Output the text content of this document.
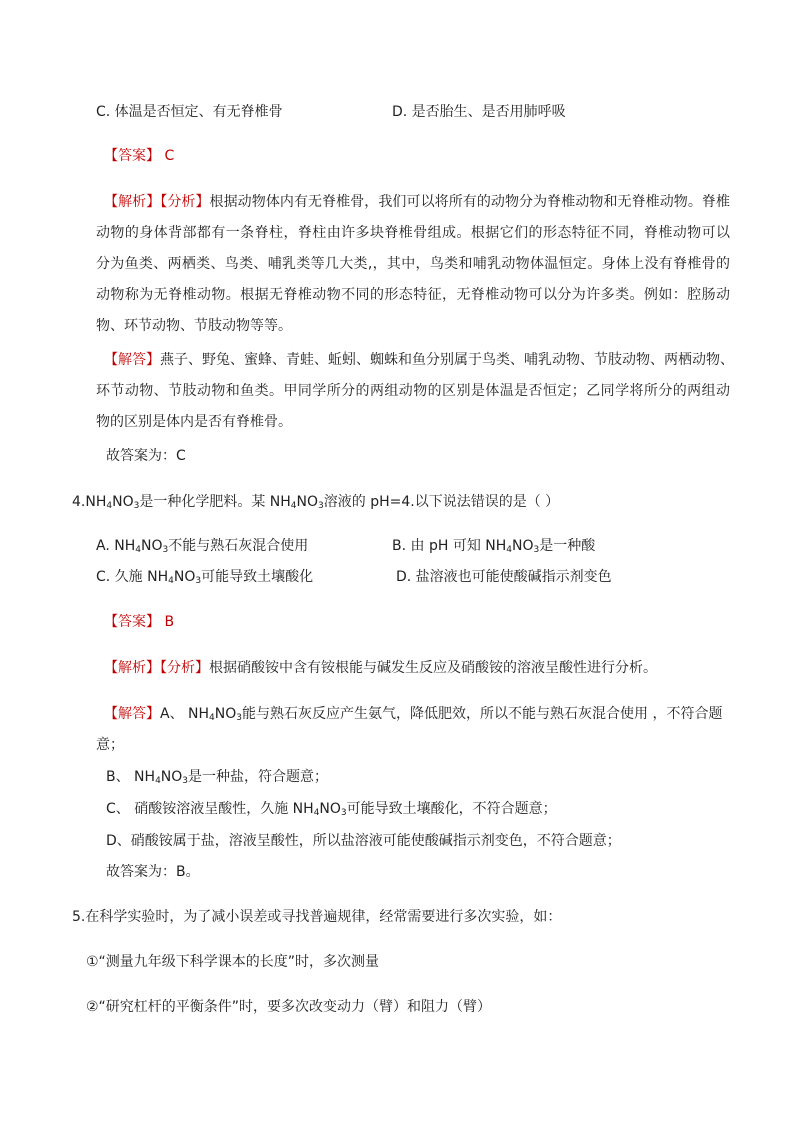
C. 体温是否恒定、有无脊椎骨	D. 是否胎生、是否用肺呼吸
【答案】 C
【解析】【分析】根据动物体内有无脊椎骨，我们可以将所有的动物分为脊椎动物和无脊椎动物。脊椎
动物的身体背部都有一条脊柱，脊柱由许多块脊椎骨组成。根据它们的形态特征不同，脊椎动物可以
分为鱼类、两栖类、鸟类、哺乳类等几大类,，其中，鸟类和哺乳动物体温恒定。身体上没有脊椎骨的
动物称为无脊椎动物。根据无脊椎动物不同的形态特征，无脊椎动物可以分为许多类。例如：腔肠动
物、环节动物、节肢动物等等。
【解答】燕子、野兔、蜜蜂、青蛙、蚯蚓、蜘蛛和鱼分别属于鸟类、哺乳动物、节肢动物、两栖动物、
环节动物、节肢动物和鱼类。甲同学所分的两组动物的区别是体温是否恒定；乙同学将所分的两组动
物的区别是体内是否有脊椎骨。
故答案为：C
$4.NH_4NO_3$是一种化学肥料。某 $NH_4NO_3$溶液的 pH=4.以下说法错误的是（ ）
A. $NH_4NO_3$不能与熟石灰混合使用	B. 由 pH 可知 $NH_4NO_3$是一种酸
C. 久施 $NH_4NO_3$可能导致土壤酸化	D. 盐溶液也可能使酸碱指示剂变色
【答案】 B
【解析】【分析】根据硝酸铵中含有铵根能与碱发生反应及硝酸铵的溶液呈酸性进行分析。
【解答】A、 $NH_4NO_3$能与熟石灰反应产生氨气，降低肥效，所以不能与熟石灰混合使用 ，不符合题
意；
B、 $NH_4NO_3$是一种盐，符合题意；
C、 硝酸铵溶液呈酸性，久施 $NH_4NO_3$可能导致土壤酸化，不符合题意；
D、硝酸铵属于盐，溶液呈酸性，所以盐溶液可能使酸碱指示剂变色，不符合题意；
故答案为：B。
5.在科学实验时，为了减小误差或寻找普遍规律，经常需要进行多次实验，如：
①“测量九年级下科学课本的长度”时，多次测量
②“研究杠杆的平衡条件”时，要多次改变动力（臂）和阻力（臂）
